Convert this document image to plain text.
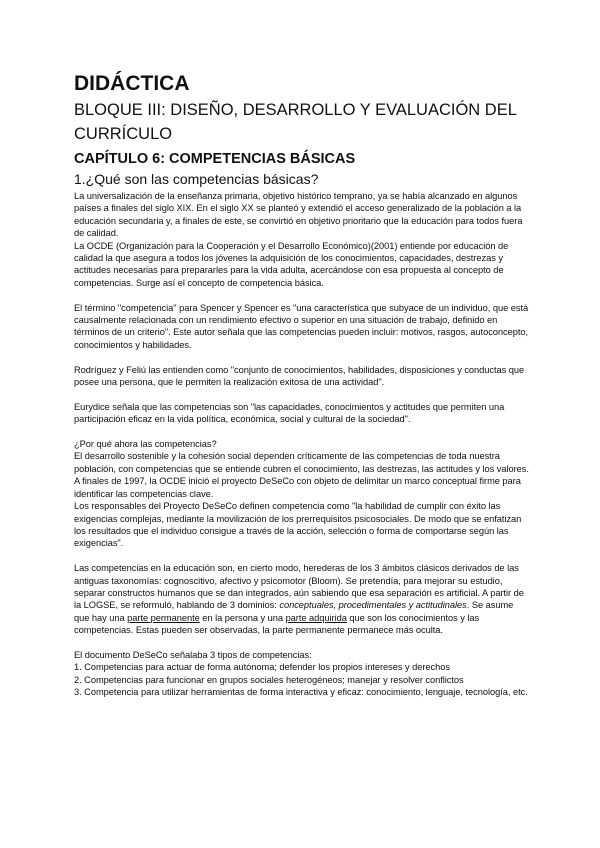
DIDÁCTICA
BLOQUE III: DISEÑO, DESARROLLO Y EVALUACIÓN DEL CURRÍCULO
CAPÍTULO 6: COMPETENCIAS BÁSICAS
1.¿Qué son las competencias básicas?

La universalización de la enseñanza primaria, objetivo histórico temprano, ya se había alcanzado en algunos países a finales del siglo XIX. En el siglo XX se planteó y extendió el acceso generalizado de la población a la educación secundaria y, a finales de este, se convirtió en objetivo prioritario que la educación para todos fuera de calidad.

La OCDE (Organización para la Cooperación y el Desarrollo Económico)(2001) entiende por educación de calidad la que asegura a todos los jóvenes la adquisición de los conocimientos, capacidades, destrezas y actitudes necesarias para prepararles para la vida adulta, acercándose con esa propuesta al concepto de competencias. Surge así el concepto de competencia básica.

El término "competencia" para Spencer y Spencer es "una característica que subyace de un individuo, que está causalmente relacionada con un rendimiento efectivo o superior en una situación de trabajo, definido en términos de un criterio". Este autor señala que las competencias pueden incluir: motivos, rasgos, autoconcepto, conocimientos y habilidades.

Rodríguez y Feliú las entienden como "conjunto de conocimientos, habilidades, disposiciones y conductas que posee una persona, que le permiten la realización exitosa de una actividad".

Eurydice señala que las competencias son "las capacidades, conocimientos y actitudes que permiten una participación eficaz en la vida política, económica, social y cultural de la sociedad".

¿Por qué ahora las competencias?

El desarrollo sostenible y la cohesión social dependen críticamente de las competencias de toda nuestra población, con competencias que se entiende cubren el conocimiento, las destrezas, las actitudes y los valores.

A finales de 1997, la OCDE inició el proyecto DeSeCo con objeto de delimitar un marco conceptual firme para identificar las competencias clave.

Los responsables del Proyecto DeSeCo definen competencia como "la habilidad de cumplir con éxito las exigencias complejas, mediante la movilización de los prerrequisitos psicosociales. De modo que se enfatizan los resultados que el individuo consigue a través de la acción, selección o forma de comportarse según las exigencias".

Las competencias en la educación son, en cierto modo, herederas de los 3 ámbitos clásicos derivados de las antiguas taxonomías: cognoscitivo, afectivo y psicomotor (Bloom). Se pretendía, para mejorar su estudio, separar constructos humanos que se dan integrados, aún sabiendo que esa separación es artificial. A partir de la LOGSE, se reformuló, hablando de 3 dominios: conceptuales, procedimentales y actitudinales. Se asume que hay una parte permanente en la persona y una parte adquirida que son los conocimientos y las competencias. Estas pueden ser observadas, la parte permanente permanece más oculta.

El documento DeSeCo señalaba 3 tipos de competencias:

1. Competencias para actuar de forma autónoma; defender los propios intereses y derechos

2. Competencias para funcionar en grupos sociales heterogéneos; manejar y resolver conflictos

3. Competencia para utilizar herramientas de forma interactiva y eficaz: conocimiento, lenguaje, tecnología, etc.
